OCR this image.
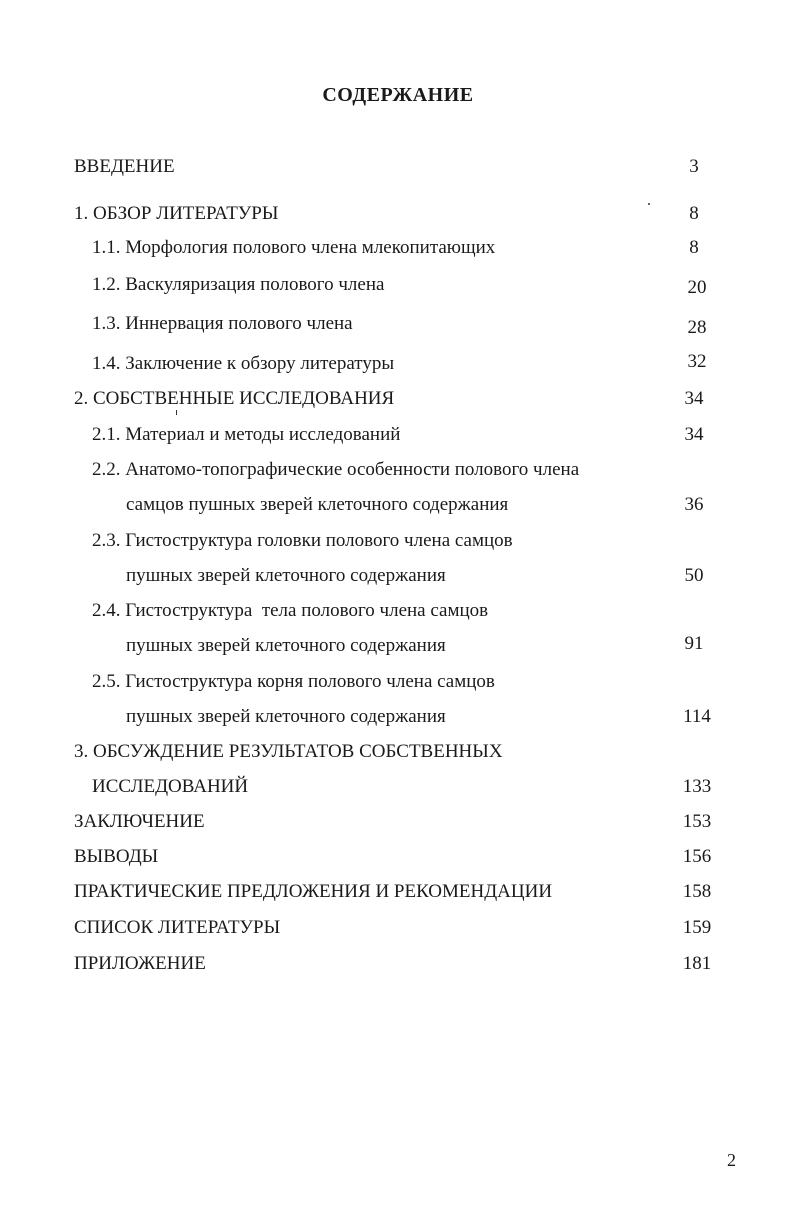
СОДЕРЖАНИЕ
ВВЕДЕНИЕ	3
1. ОБЗОР ЛИТЕРАТУРЫ	8
1.1. Морфология полового члена млекопитающих	8
1.2. Васкуляризация полового члена	20
1.3. Иннервация полового члена	28
1.4. Заключение к обзору литературы	32
2. СОБСТВЕННЫЕ ИССЛЕДОВАНИЯ	34
2.1. Материал и методы исследований	34
2.2. Анатомо-топографические особенности полового члена
самцов пушных зверей клеточного содержания	36
2.3. Гистоструктура головки полового члена самцов
пушных зверей клеточного содержания	50
2.4. Гистоструктура  тела полового члена самцов
пушных зверей клеточного содержания	91
2.5. Гистоструктура корня полового члена самцов
пушных зверей клеточного содержания	114
3. ОБСУЖДЕНИЕ РЕЗУЛЬТАТОВ СОБСТВЕННЫХ
ИССЛЕДОВАНИЙ	133
ЗАКЛЮЧЕНИЕ	153
ВЫВОДЫ	156
ПРАКТИЧЕСКИЕ ПРЕДЛОЖЕНИЯ И РЕКОМЕНДАЦИИ	158
СПИСОК ЛИТЕРАТУРЫ	159
ПРИЛОЖЕНИЕ	181
2
